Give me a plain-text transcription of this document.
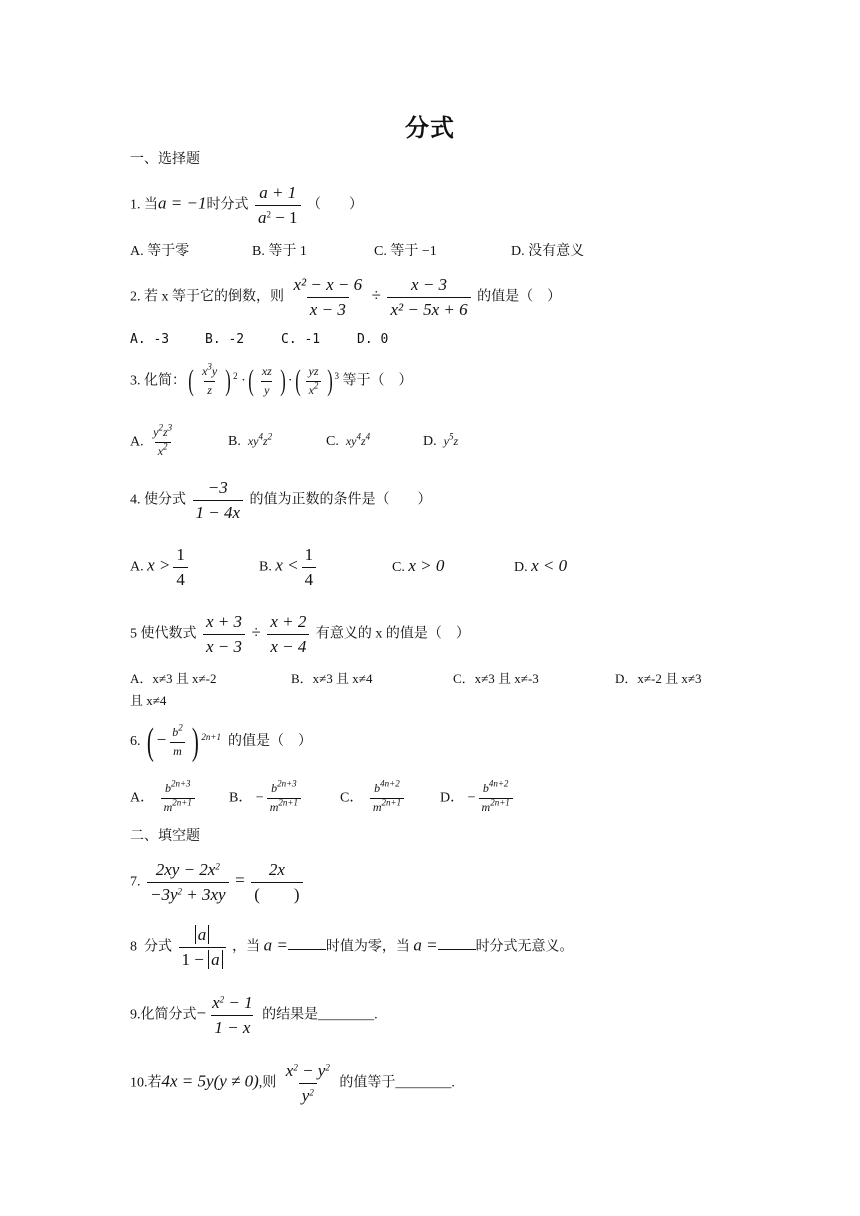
分式
一、选择题
1. 当a = −1时分式 $\frac{a + 1}{a^2 - 1}$ （　　）
A. 等于零	B. 等于 1	C. 等于 −1	D. 没有意义
2. 若 x 等于它的倒数，则 $\frac{\text{x² − x − 6}}{x - 3} \div \frac{x - 3}{\text{x² − 5x + 6}}$ 的值是（　）
A. -3	B. -2	C. -1	D. 0
3. 化简：( $\frac{x^3y}{z}$ ) $^2$ ·( $\frac{xz}{y}$ ) ·( $\frac{yz}{x^2}$ ) $^3$ 等于（　）
A. $\frac{y^2z^3}{x^2}$	B. $xy^4z^2$	C. $xy^4z^4$	D. $y^5z$
4. 使分式 $\frac{-3}{1 - 4x}$ 的值为正数的条件是（　　）
A. $x > \frac{1}{4}$	B. $x < \frac{1}{4}$	C. x > 0	D. x < 0
5 使代数式 $\frac{x + 3}{x - 3} \div \frac{x + 2}{x - 4}$ 有意义的 x 的值是（　）
A．x≠3 且 x≠-2	B．x≠3 且 x≠4	C．x≠3 且 x≠-3	D．x≠-2 且 x≠3
且 x≠4
6. ( − $\frac{b^2}{m}$ ) $^{2n+1}$ 的值是（　）
A． $\frac{b^{2n+3}}{m^{2n+1}}$ B． − $\frac{b^{2n+3}}{m^{2n+1}}$	C． $\frac{b^{4n+2}}{m^{2n+1}}$	D． − $\frac{b^{4n+2}}{m^{2n+1}}$
二、填空题
7. $\frac{2xy - 2x^2}{-3y^2 + 3xy} = \frac{2x}{( )}$
8 分式 $\frac{a}{1 - a}$ ，当 a =	时值为零，当 a =	时分式无意义。
9.化简分式− $\frac{x^2 - 1}{1 - x}$ 的结果是________.
10.若4x = 5y(y ≠ 0),则 $\frac{x^2 - y^2}{y^2}$ 的值等于________.
